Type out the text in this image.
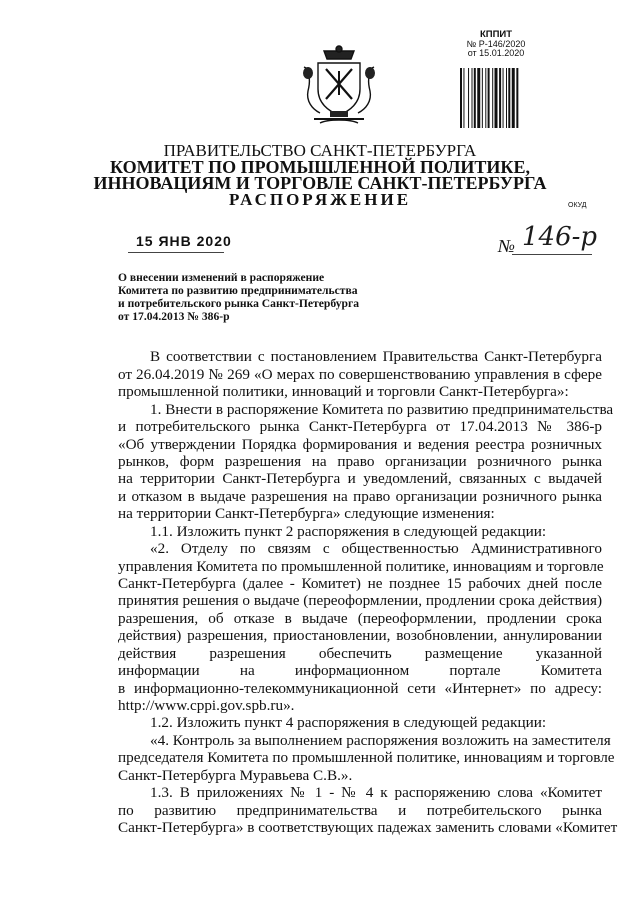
КППИТ
№ Р-146/2020
от 15.01.2020
ПРАВИТЕЛЬСТВО САНКТ-ПЕТЕРБУРГА
КОМИТЕТ ПО ПРОМЫШЛЕННОЙ ПОЛИТИКЕ,
ИННОВАЦИЯМ И ТОРГОВЛЕ САНКТ-ПЕТЕРБУРГА
РАСПОРЯЖЕНИЕ	ОКУД
15 ЯНВ 2020	№ 146-р
О внесении изменений в распоряжение
Комитета по развитию предпринимательства
и потребительского рынка Санкт-Петербурга
от 17.04.2013 № 386-р
В соответствии с постановлением Правительства Санкт-Петербурга
от 26.04.2019 № 269 «О мерах по совершенствованию управления в сфере
промышленной политики, инноваций и торговли Санкт-Петербурга»:
1. Внести в распоряжение Комитета по развитию предпринимательства
и потребительского рынка Санкт-Петербурга от 17.04.2013 № 386-р
«Об утверждении Порядка формирования и ведения реестра розничных
рынков, форм разрешения на право организации розничного рынка
на территории Санкт-Петербурга и уведомлений, связанных с выдачей
и отказом в выдаче разрешения на право организации розничного рынка
на территории Санкт-Петербурга» следующие изменения:
1.1. Изложить пункт 2 распоряжения в следующей редакции:
«2. Отделу по связям с общественностью Административного
управления Комитета по промышленной политике, инновациям и торговле
Санкт-Петербурга (далее - Комитет) не позднее 15 рабочих дней после
принятия решения о выдаче (переоформлении, продлении срока действия)
разрешения, об отказе в выдаче (переоформлении, продлении срока
действия) разрешения, приостановлении, возобновлении, аннулировании
действия разрешения обеспечить размещение указанной
информации на информационном портале Комитета
в информационно-телекоммуникационной сети «Интернет» по адресу:
http://www.cppi.gov.spb.ru».
1.2. Изложить пункт 4 распоряжения в следующей редакции:
«4. Контроль за выполнением распоряжения возложить на заместителя
председателя Комитета по промышленной политике, инновациям и торговле
Санкт-Петербурга Муравьева С.В.».
1.3. В приложениях № 1 - № 4 к распоряжению слова «Комитет
по развитию предпринимательства и потребительского рынка
Санкт-Петербурга» в соответствующих падежах заменить словами «Комитет
